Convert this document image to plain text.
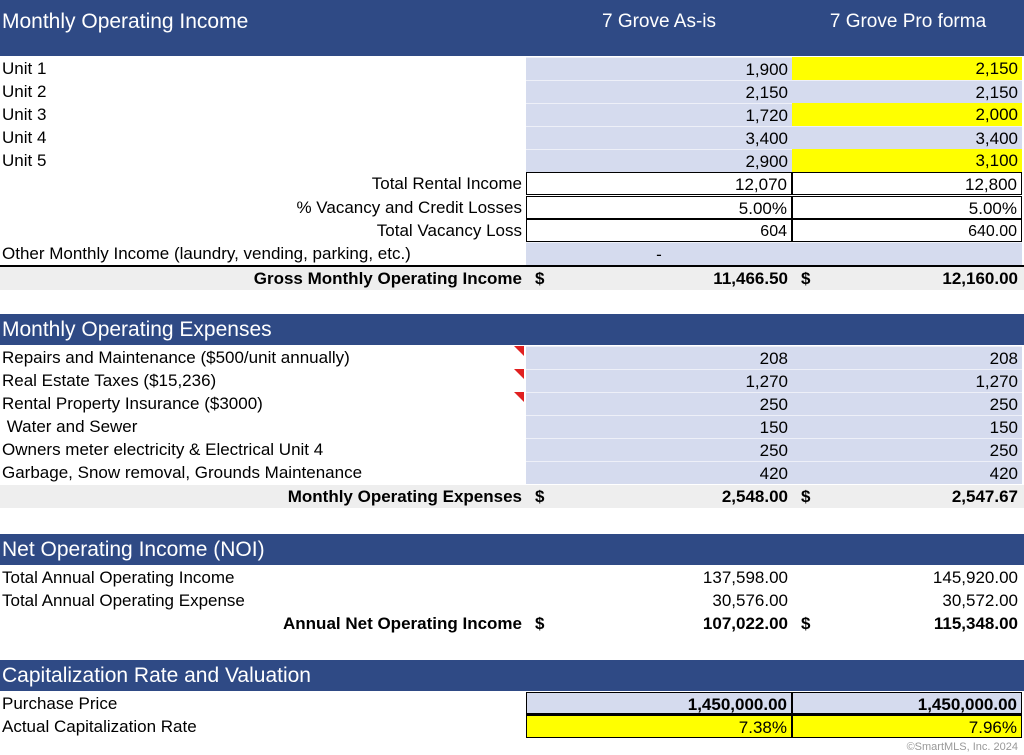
Monthly Operating Income	7 Grove As-is	7 Grove Pro forma
Unit 1	1,900	2,150
Unit 2	2,150	2,150
Unit 3	1,720	2,000
Unit 4	3,400	3,400
Unit 5	2,900	3,100
Total Rental Income	12,070	12,800
% Vacancy and Credit Losses	5.00%	5.00%
Total Vacancy Loss	604	640.00
Other Monthly Income (laundry, vending, parking, etc.)	-
Gross Monthly Operating Income $	11,466.50 $	12,160.00
Monthly Operating Expenses
Repairs and Maintenance ($500/unit annually)	208	208
Real Estate Taxes ($15,236)	1,270	1,270
Rental Property Insurance ($3000)	250	250
Water and Sewer	150	150
Owners meter electricity & Electrical Unit 4	250	250
Garbage, Snow removal, Grounds Maintenance	420	420
Monthly Operating Expenses $	2,548.00 $	2,547.67
Net Operating Income (NOI)
Total Annual Operating Income	137,598.00	145,920.00
Total Annual Operating Expense	30,576.00	30,572.00
Annual Net Operating Income $	107,022.00 $	115,348.00
Capitalization Rate and Valuation
Purchase Price	1,450,000.00	1,450,000.00
Actual Capitalization Rate	7.38%	7.96%
©SmartMLS, Inc. 2024
